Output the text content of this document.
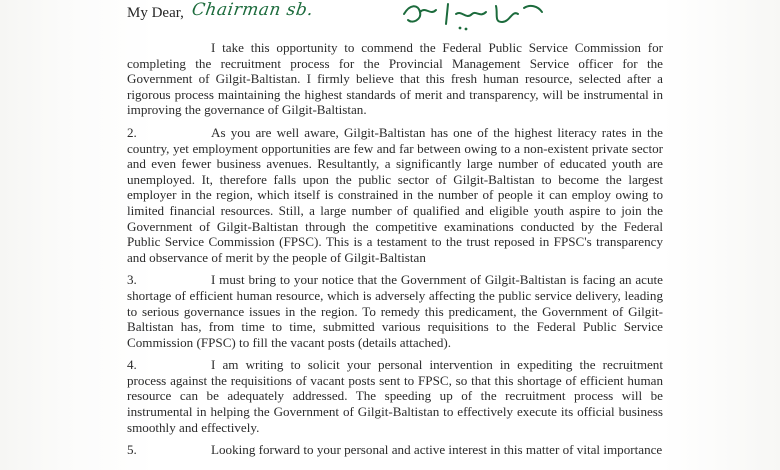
My Dear, Chairman sb.

I take this opportunity to commend the Federal Public Service Commission for completing the recruitment process for the Provincial Management Service officer for the Government of Gilgit-Baltistan. I firmly believe that this fresh human resource, selected after a rigorous process maintaining the highest standards of merit and transparency, will be instrumental in improving the governance of Gilgit-Baltistan.

2.	As you are well aware, Gilgit-Baltistan has one of the highest literacy rates in the country, yet employment opportunities are few and far between owing to a non-existent private sector and even fewer business avenues. Resultantly, a significantly large number of educated youth are unemployed. It, therefore falls upon the public sector of Gilgit-Baltistan to become the largest employer in the region, which itself is constrained in the number of people it can employ owing to limited financial resources. Still, a large number of qualified and eligible youth aspire to join the Government of Gilgit-Baltistan through the competitive examinations conducted by the Federal Public Service Commission (FPSC). This is a testament to the trust reposed in FPSC's transparency and observance of merit by the people of Gilgit-Baltistan

3.	I must bring to your notice that the Government of Gilgit-Baltistan is facing an acute shortage of efficient human resource, which is adversely affecting the public service delivery, leading to serious governance issues in the region. To remedy this predicament, the Government of Gilgit-Baltistan has, from time to time, submitted various requisitions to the Federal Public Service Commission (FPSC) to fill the vacant posts (details attached).

4.	I am writing to solicit your personal intervention in expediting the recruitment process against the requisitions of vacant posts sent to FPSC, so that this shortage of efficient human resource can be adequately addressed. The speeding up of the recruitment process will be instrumental in helping the Government of Gilgit-Baltistan to effectively execute its official business smoothly and effectively.

5.	Looking forward to your personal and active interest in this matter of vital importance
